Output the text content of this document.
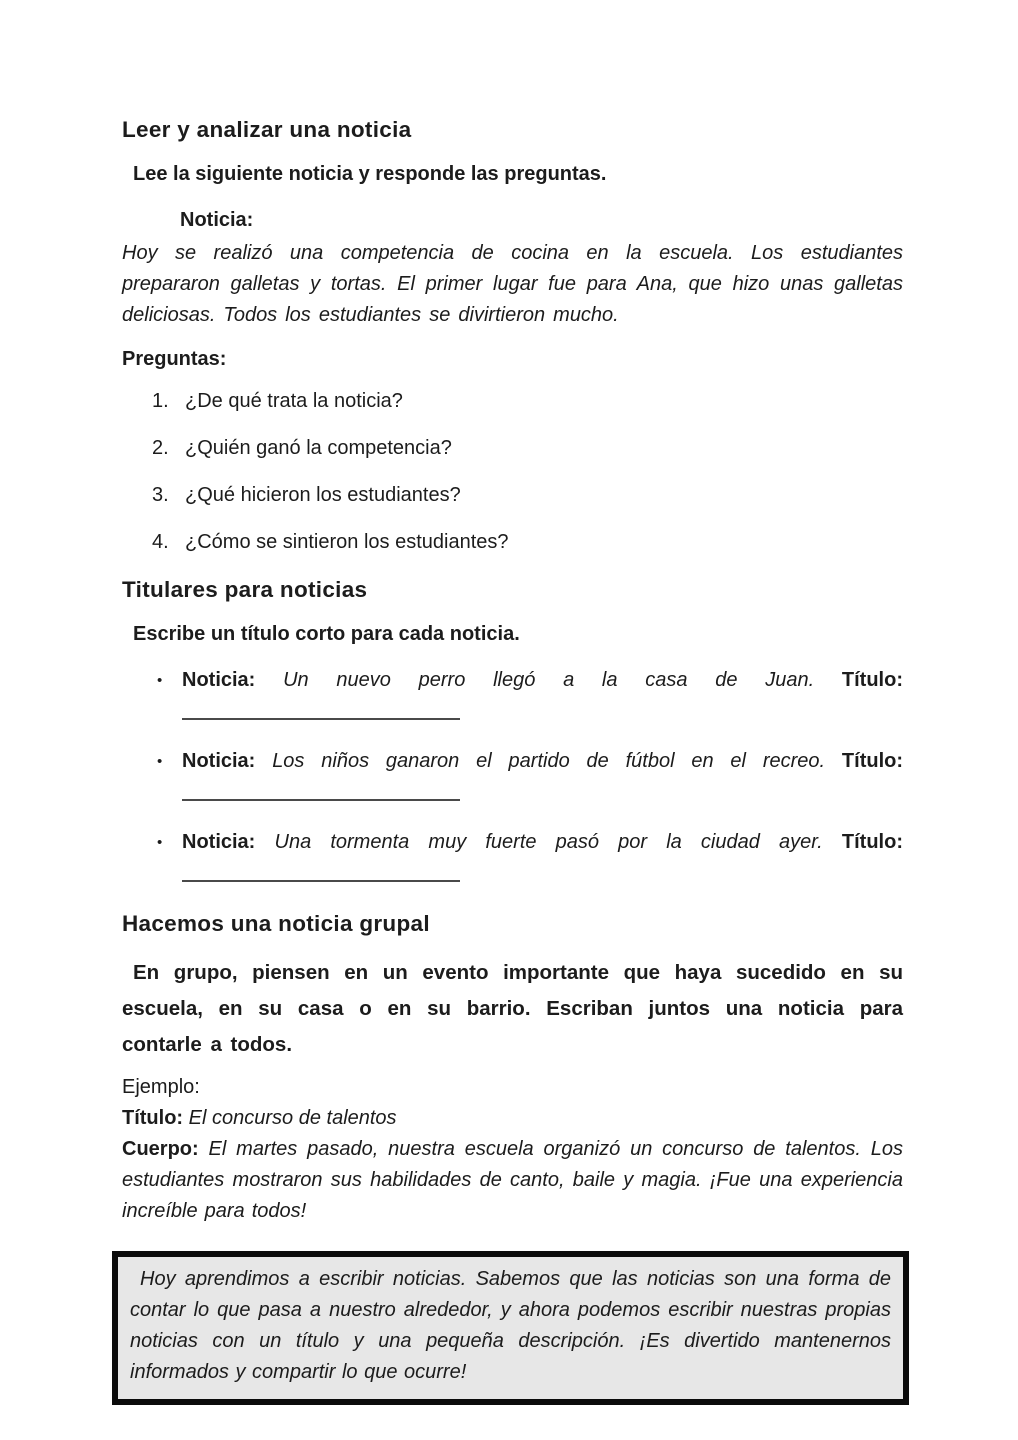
Leer y analizar una noticia

Lee la siguiente noticia y responde las preguntas.

Noticia:

Hoy se realizó una competencia de cocina en la escuela. Los estudiantes prepararon galletas y tortas. El primer lugar fue para Ana, que hizo unas galletas deliciosas. Todos los estudiantes se divirtieron mucho.

Preguntas:

1. ¿De qué trata la noticia?
2. ¿Quién ganó la competencia?
3. ¿Qué hicieron los estudiantes?
4. ¿Cómo se sintieron los estudiantes?
Titulares para noticias

Escribe un título corto para cada noticia.

• Noticia: Un nuevo perro llegó a la casa de Juan. Título:
• Noticia: Los niños ganaron el partido de fútbol en el recreo. Título:
• Noticia: Una tormenta muy fuerte pasó por la ciudad ayer. Título:
Hacemos una noticia grupal

En grupo, piensen en un evento importante que haya sucedido en su escuela, en su casa o en su barrio. Escriban juntos una noticia para contarle a todos.

Ejemplo:

Título: El concurso de talentos

Cuerpo: El martes pasado, nuestra escuela organizó un concurso de talentos. Los estudiantes mostraron sus habilidades de canto, baile y magia. ¡Fue una experiencia increíble para todos!

Hoy aprendimos a escribir noticias. Sabemos que las noticias son una forma de contar lo que pasa a nuestro alrededor, y ahora podemos escribir nuestras propias noticias con un título y una pequeña descripción. ¡Es divertido mantenernos informados y compartir lo que ocurre!
